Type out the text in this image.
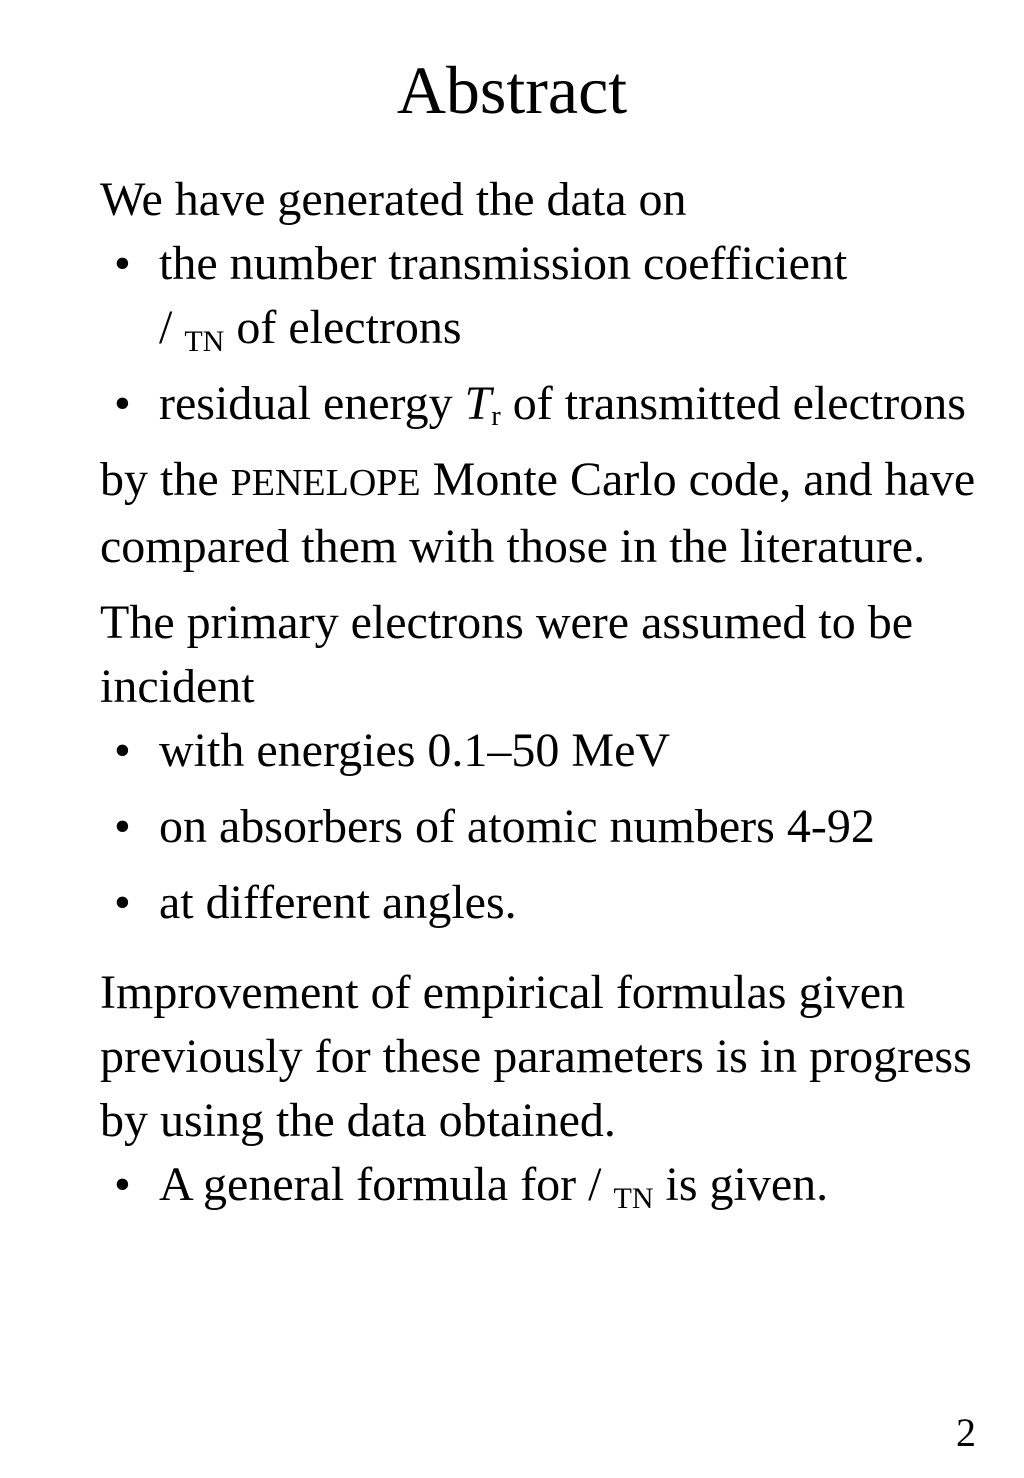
Abstract

We have generated the data on

• the number transmission coefficient
/ $_{TN}$ of electrons
• residual energy Tr of transmitted electrons

by the PENELOPE Monte Carlo code, and have compared them with those in the literature.

The primary electrons were assumed to be incident

• with energies 0.1–50 MeV
• on absorbers of atomic numbers 4-92
• at different angles.

Improvement of empirical formulas given previously for these parameters is in progress by using the data obtained.

• A general formula for / $_{TN}$ is given.
2
